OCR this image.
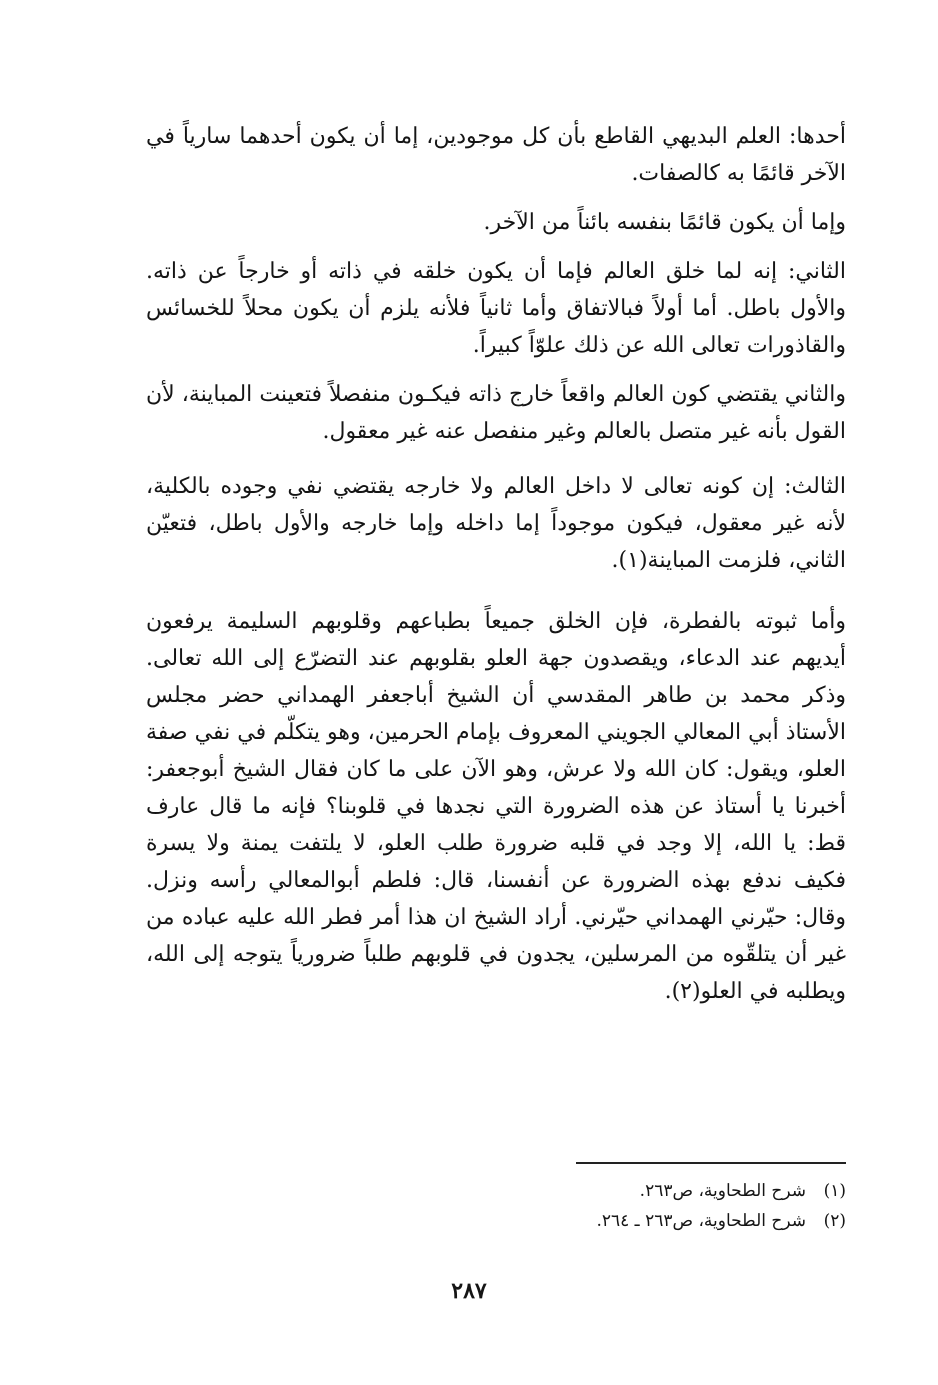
أحدها: العلم البديهي القاطع بأن كل موجودين، إما أن يكون أحدهما سارياً في الآخر قائمًا به كالصفات.

وإما أن يكون قائمًا بنفسه بائناً من الآخر.

الثاني: إنه لما خلق العالم فإما أن يكون خلقه في ذاته أو خارجاً عن ذاته. والأول باطل. أما أولاً فبالاتفاق وأما ثانياً فلأنه يلزم أن يكون محلاً للخسائس والقاذورات تعالى الله عن ذلك علوّاً كبيراً.

والثاني يقتضي كون العالم واقعاً خارج ذاته فيكـون منفصلاً فتعينت المباينة، لأن القول بأنه غير متصل بالعالم وغير منفصل عنه غير معقول.

الثالث: إن كونه تعالى لا داخل العالم ولا خارجه يقتضي نفي وجوده بالكلية، لأنه غير معقول، فيكون موجوداً إما داخله وإما خارجه والأول باطل، فتعيّن الثاني، فلزمت المباينة(١).

وأما ثبوته بالفطرة، فإن الخلق جميعاً بطباعهم وقلوبهم السليمة يرفعون أيديهم عند الدعاء، ويقصدون جهة العلو بقلوبهم عند التضرّع إلى الله تعالى. وذكر محمد بن طاهر المقدسي أن الشيخ أباجعفر الهمداني حضر مجلس الأستاذ أبي المعالي الجويني المعروف بإمام الحرمين، وهو يتكلّم في نفي صفة العلو، ويقول: كان الله ولا عرش، وهو الآن على ما كان فقال الشيخ أبوجعفر: أخبرنا يا أستاذ عن هذه الضرورة التي نجدها في قلوبنا؟ فإنه ما قال عارف قط: يا الله، إلا وجد في قلبه ضرورة طلب العلو، لا يلتفت يمنة ولا يسرة فكيف ندفع بهذه الضرورة عن أنفسنا، قال: فلطم أبوالمعالي رأسه ونزل. وقال: حيّرني الهمداني حيّرني. أراد الشيخ ان هذا أمر فطر الله عليه عباده من غير أن يتلقّوه من المرسلين، يجدون في قلوبهم طلباً ضرورياً يتوجه إلى الله، ويطلبه في العلو(٢).

(١)
شرح الطحاوية، ص٢٦٣.

(٢)
شرح الطحاوية، ص٢٦٣ ـ ٢٦٤.

٢٨٧
